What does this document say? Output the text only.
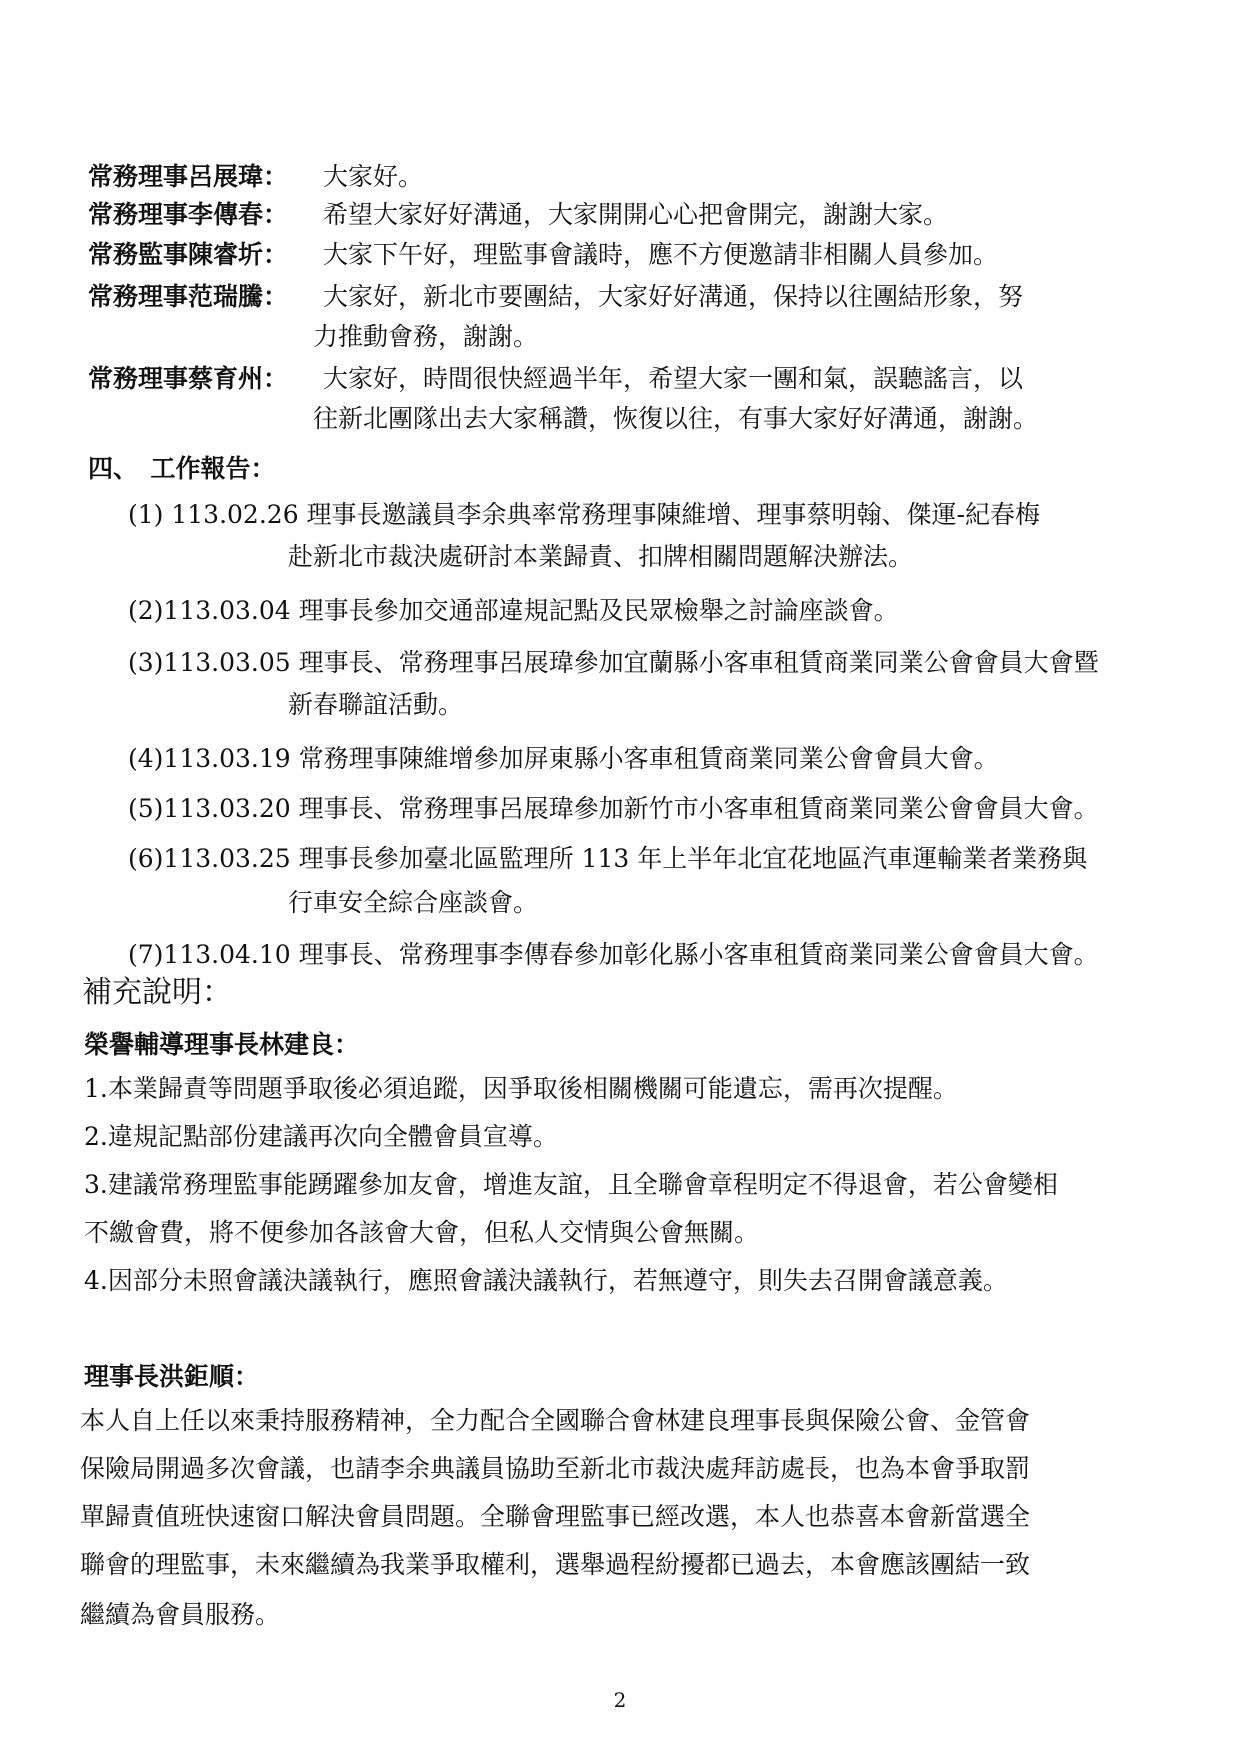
常務理事呂展瑋： 大家好。
常務理事李傳春： 希望大家好好溝通，大家開開心心把會開完，謝謝大家。
常務監事陳睿圻： 大家下午好，理監事會議時，應不方便邀請非相關人員參加。
常務理事范瑞騰： 大家好，新北市要團結，大家好好溝通，保持以往團結形象，努
力推動會務，謝謝。
常務理事蔡育州： 大家好，時間很快經過半年，希望大家一團和氣，誤聽謠言，以
往新北團隊出去大家稱讚，恢復以往，有事大家好好溝通，謝謝。
四、　工作報告：
(1) 113.02.26 理事長邀議員李余典率常務理事陳維增、理事蔡明翰、傑運-紀春梅
赴新北市裁決處研討本業歸責、扣牌相關問題解決辦法。
(2)113.03.04 理事長參加交通部違規記點及民眾檢舉之討論座談會。
(3)113.03.05 理事長、常務理事呂展瑋參加宜蘭縣小客車租賃商業同業公會會員大會暨
新春聯誼活動。
(4)113.03.19 常務理事陳維增參加屏東縣小客車租賃商業同業公會會員大會。
(5)113.03.20 理事長、常務理事呂展瑋參加新竹市小客車租賃商業同業公會會員大會。
(6)113.03.25 理事長參加臺北區監理所 113 年上半年北宜花地區汽車運輸業者業務與
行車安全綜合座談會。
(7)113.04.10 理事長、常務理事李傳春參加彰化縣小客車租賃商業同業公會會員大會。
補充說明：
榮譽輔導理事長林建良：
1.本業歸責等問題爭取後必須追蹤，因爭取後相關機關可能遺忘，需再次提醒。
2.違規記點部份建議再次向全體會員宣導。
3.建議常務理監事能踴躍參加友會，增進友誼，且全聯會章程明定不得退會，若公會變相
不繳會費，將不便參加各該會大會，但私人交情與公會無關。
4.因部分未照會議決議執行，應照會議決議執行，若無遵守，則失去召開會議意義。
理事長洪鉅順：
本人自上任以來秉持服務精神，全力配合全國聯合會林建良理事長與保險公會、金管會
保險局開過多次會議，也請李余典議員協助至新北市裁決處拜訪處長，也為本會爭取罰
單歸責值班快速窗口解決會員問題。全聯會理監事已經改選，本人也恭喜本會新當選全
聯會的理監事，未來繼續為我業爭取權利，選舉過程紛擾都已過去，本會應該團結一致
繼續為會員服務。
2
